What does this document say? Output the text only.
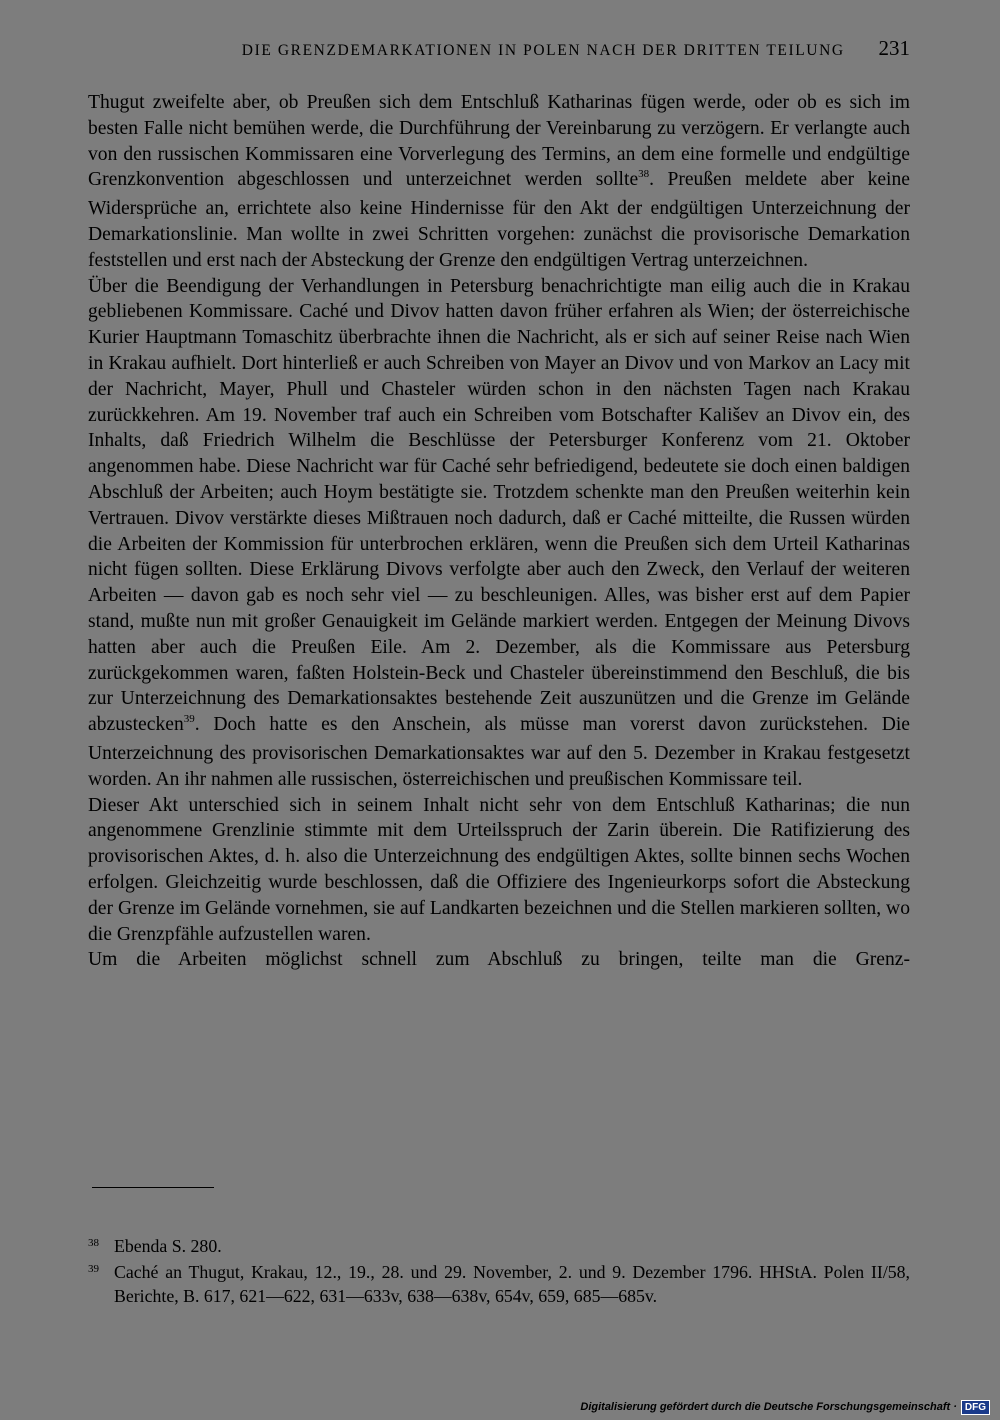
DIE GRENZDEMARKATIONEN IN POLEN NACH DER DRITTEN TEILUNG	231

Thugut zweifelte aber, ob Preußen sich dem Entschluß Katharinas fügen werde, oder ob es sich im besten Falle nicht bemühen werde, die Durchführung der Vereinbarung zu verzögern. Er verlangte auch von den russischen Kommissaren eine Vorverlegung des Termins, an dem eine formelle und endgültige Grenzkonvention abgeschlossen und unterzeichnet werden sollte$^{38}$. Preußen meldete aber keine Widersprüche an, errichtete also keine Hindernisse für den Akt der endgültigen Unterzeichnung der Demarkationslinie. Man wollte in zwei Schritten vorgehen: zunächst die provisorische Demarkation feststellen und erst nach der Absteckung der Grenze den endgültigen Vertrag unterzeichnen.

Über die Beendigung der Verhandlungen in Petersburg benachrichtigte man eilig auch die in Krakau gebliebenen Kommissare. Caché und Divov hatten davon früher erfahren als Wien; der österreichische Kurier Hauptmann Tomaschitz überbrachte ihnen die Nachricht, als er sich auf seiner Reise nach Wien in Krakau aufhielt. Dort hinterließ er auch Schreiben von Mayer an Divov und von Markov an Lacy mit der Nachricht, Mayer, Phull und Chasteler würden schon in den nächsten Tagen nach Krakau zurückkehren. Am 19. November traf auch ein Schreiben vom Botschafter Kališev an Divov ein, des Inhalts, daß Friedrich Wilhelm die Beschlüsse der Petersburger Konferenz vom 21. Oktober angenommen habe. Diese Nachricht war für Caché sehr befriedigend, bedeutete sie doch einen baldigen Abschluß der Arbeiten; auch Hoym bestätigte sie. Trotzdem schenkte man den Preußen weiterhin kein Vertrauen. Divov verstärkte dieses Mißtrauen noch dadurch, daß er Caché mitteilte, die Russen würden die Arbeiten der Kommission für unterbrochen erklären, wenn die Preußen sich dem Urteil Katharinas nicht fügen sollten. Diese Erklärung Divovs verfolgte aber auch den Zweck, den Verlauf der weiteren Arbeiten — davon gab es noch sehr viel — zu beschleunigen. Alles, was bisher erst auf dem Papier stand, mußte nun mit großer Genauigkeit im Gelände markiert werden. Entgegen der Meinung Divovs hatten aber auch die Preußen Eile. Am 2. Dezember, als die Kommissare aus Petersburg zurückgekommen waren, faßten Holstein-Beck und Chasteler übereinstimmend den Beschluß, die bis zur Unterzeichnung des Demarkationsaktes bestehende Zeit auszunützen und die Grenze im Gelände abzustecken$^{39}$. Doch hatte es den Anschein, als müsse man vorerst davon zurückstehen. Die Unterzeichnung des provisorischen Demarkationsaktes war auf den 5. Dezember in Krakau festgesetzt worden. An ihr nahmen alle russischen, österreichischen und preußischen Kommissare teil.

Dieser Akt unterschied sich in seinem Inhalt nicht sehr von dem Entschluß Katharinas; die nun angenommene Grenzlinie stimmte mit dem Urteilsspruch der Zarin überein. Die Ratifizierung des provisorischen Aktes, d. h. also die Unterzeichnung des endgültigen Aktes, sollte binnen sechs Wochen erfolgen. Gleichzeitig wurde beschlossen, daß die Offiziere des Ingenieurkorps sofort die Absteckung der Grenze im Gelände vornehmen, sie auf Landkarten bezeichnen und die Stellen markieren sollten, wo die Grenzpfähle aufzustellen waren.

Um die Arbeiten möglichst schnell zum Abschluß zu bringen, teilte man die Grenz-

38 Ebenda S. 280.

39 Caché an Thugut, Krakau, 12., 19., 28. und 29. November, 2. und 9. Dezember 1796. HHStA. Polen II/58, Berichte, B. 617, 621—622, 631—633v, 638—638v, 654v, 659, 685—685v.

Digitalisierung gefördert durch die Deutsche Forschungsgemeinschaft · DFG
